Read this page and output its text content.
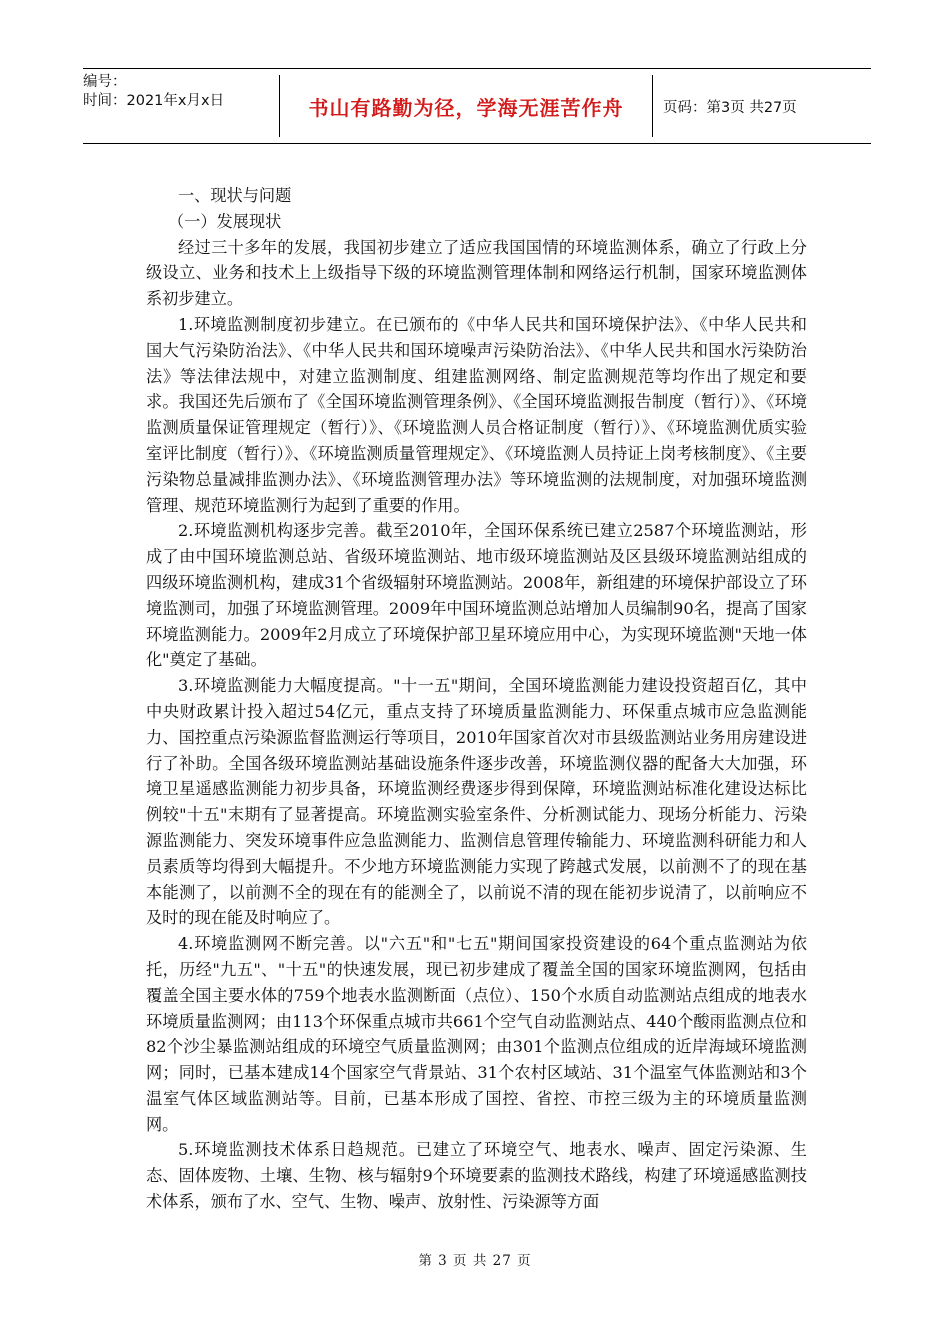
编号：
时间：2021年x月x日	书山有路勤为径，学海无涯苦作舟	页码：第3页 共27页

一、现状与问题

（一）发展现状

经过三十多年的发展，我国初步建立了适应我国国情的环境监测体系，确立了行政上分级设立、业务和技术上上级指导下级的环境监测管理体制和网络运行机制，国家环境监测体系初步建立。

1.环境监测制度初步建立。在已颁布的《中华人民共和国环境保护法》、《中华人民共和国大气污染防治法》、《中华人民共和国环境噪声污染防治法》、《中华人民共和国水污染防治法》等法律法规中，对建立监测制度、组建监测网络、制定监测规范等均作出了规定和要求。我国还先后颁布了《全国环境监测管理条例》、《全国环境监测报告制度（暂行）》、《环境监测质量保证管理规定（暂行）》、《环境监测人员合格证制度（暂行）》、《环境监测优质实验室评比制度（暂行）》、《环境监测质量管理规定》、《环境监测人员持证上岗考核制度》、《主要污染物总量减排监测办法》、《环境监测管理办法》等环境监测的法规制度，对加强环境监测管理、规范环境监测行为起到了重要的作用。

2.环境监测机构逐步完善。截至2010年，全国环保系统已建立2587个环境监测站，形成了由中国环境监测总站、省级环境监测站、地市级环境监测站及区县级环境监测站组成的四级环境监测机构，建成31个省级辐射环境监测站。2008年，新组建的环境保护部设立了环境监测司，加强了环境监测管理。2009年中国环境监测总站增加人员编制90名，提高了国家环境监测能力。2009年2月成立了环境保护部卫星环境应用中心，为实现环境监测"天地一体化"奠定了基础。

3.环境监测能力大幅度提高。"十一五"期间，全国环境监测能力建设投资超百亿，其中中央财政累计投入超过54亿元，重点支持了环境质量监测能力、环保重点城市应急监测能力、国控重点污染源监督监测运行等项目，2010年国家首次对市县级监测站业务用房建设进行了补助。全国各级环境监测站基础设施条件逐步改善，环境监测仪器的配备大大加强，环境卫星遥感监测能力初步具备，环境监测经费逐步得到保障，环境监测站标准化建设达标比例较"十五"末期有了显著提高。环境监测实验室条件、分析测试能力、现场分析能力、污染源监测能力、突发环境事件应急监测能力、监测信息管理传输能力、环境监测科研能力和人员素质等均得到大幅提升。不少地方环境监测能力实现了跨越式发展，以前测不了的现在基本能测了，以前测不全的现在有的能测全了，以前说不清的现在能初步说清了，以前响应不及时的现在能及时响应了。

4.环境监测网不断完善。以"六五"和"七五"期间国家投资建设的64个重点监测站为依托，历经"九五"、"十五"的快速发展，现已初步建成了覆盖全国的国家环境监测网，包括由覆盖全国主要水体的759个地表水监测断面（点位）、150个水质自动监测站点组成的地表水环境质量监测网；由113个环保重点城市共661个空气自动监测站点、440个酸雨监测点位和82个沙尘暴监测站组成的环境空气质量监测网；由301个监测点位组成的近岸海域环境监测网；同时，已基本建成14个国家空气背景站、31个农村区域站、31个温室气体监测站和3个温室气体区域监测站等。目前，已基本形成了国控、省控、市控三级为主的环境质量监测网。

5.环境监测技术体系日趋规范。已建立了环境空气、地表水、噪声、固定污染源、生态、固体废物、土壤、生物、核与辐射9个环境要素的监测技术路线，构建了环境遥感监测技术体系，颁布了水、空气、生物、噪声、放射性、污染源等方面

第 3 页 共 27 页
